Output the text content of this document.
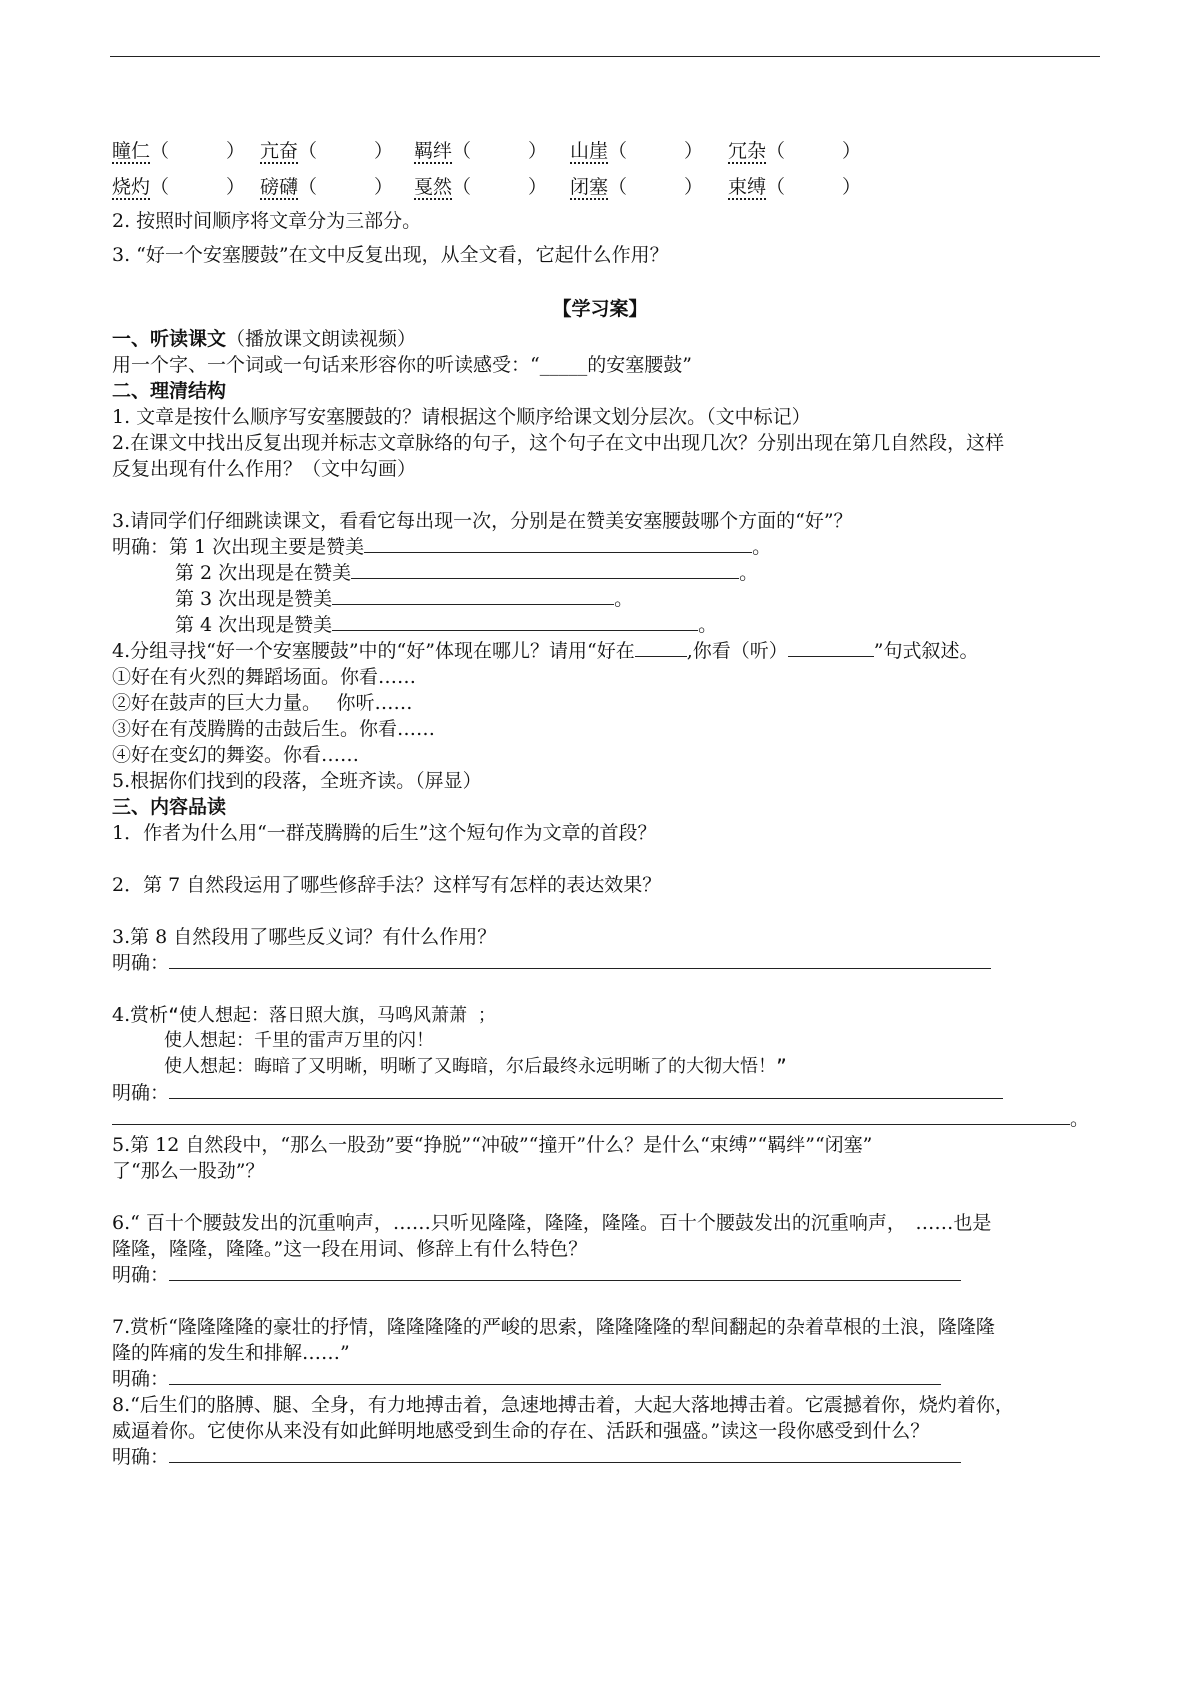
瞳仁（　　　） 亢奋（　　　） 羁绊（　　　） 山崖（　　　） 冗杂（　　　）
烧灼（　　　） 磅礴（　　　） 戛然（　　　） 闭塞（　　　） 束缚（　　　）
2. 按照时间顺序将文章分为三部分。
3. “好一个安塞腰鼓”在文中反复出现，从全文看，它起什么作用？
【学习案】
一、听读课文（播放课文朗读视频）
用一个字、一个词或一句话来形容你的听读感受：“_____的安塞腰鼓”
二、理清结构
1. 文章是按什么顺序写安塞腰鼓的？请根据这个顺序给课文划分层次。（文中标记）
2.在课文中找出反复出现并标志文章脉络的句子，这个句子在文中出现几次？分别出现在第几自然段，这样
反复出现有什么作用？（文中勾画）
3.请同学们仔细跳读课文，看看它每出现一次，分别是在赞美安塞腰鼓哪个方面的“好”？
明确：第 1 次出现主要是赞美	。
第 2 次出现是在赞美	。
第 3 次出现是赞美	。
第 4 次出现是赞美	。
4.分组寻找“好一个安塞腰鼓”中的“好”体现在哪儿？请用“好在	,你看（听）	”句式叙述。
①好在有火烈的舞蹈场面。你看……
②好在鼓声的巨大力量。　 你听……
③好在有茂腾腾的击鼓后生。你看……
④好在变幻的舞姿。你看……
5.根据你们找到的段落，全班齐读。（屏显）
三、内容品读
1．作者为什么用“一群茂腾腾的后生”这个短句作为文章的首段？
2．第 7 自然段运用了哪些修辞手法？这样写有怎样的表达效果？
3.第 8 自然段用了哪些反义词？有什么作用？
明确：
4.赏析“使人想起：落日照大旗，马鸣风萧萧 ；
使人想起：千里的雷声万里的闪！
使人想起：晦暗了又明晰，明晰了又晦暗，尔后最终永远明晰了的大彻大悟！”
明确：
。
5.第 12 自然段中，“那么一股劲”要“挣脱”“冲破”“撞开”什么？是什么“束缚”“羁绊”“闭塞”
了“那么一股劲”？
6.“ 百十个腰鼓发出的沉重响声，……只听见隆隆，隆隆，隆隆。百十个腰鼓发出的沉重响声，　……也是
隆隆，隆隆，隆隆。”这一段在用词、修辞上有什么特色？
明确：
7.赏析“隆隆隆隆的豪壮的抒情，隆隆隆隆的严峻的思索，隆隆隆隆的犁间翻起的杂着草根的土浪，隆隆隆
隆的阵痛的发生和排解……”
明确：
8.“后生们的胳膊、腿、全身，有力地搏击着，急速地搏击着，大起大落地搏击着。它震撼着你，烧灼着你，
威逼着你。它使你从来没有如此鲜明地感受到生命的存在、活跃和强盛。”读这一段你感受到什么？
明确：
